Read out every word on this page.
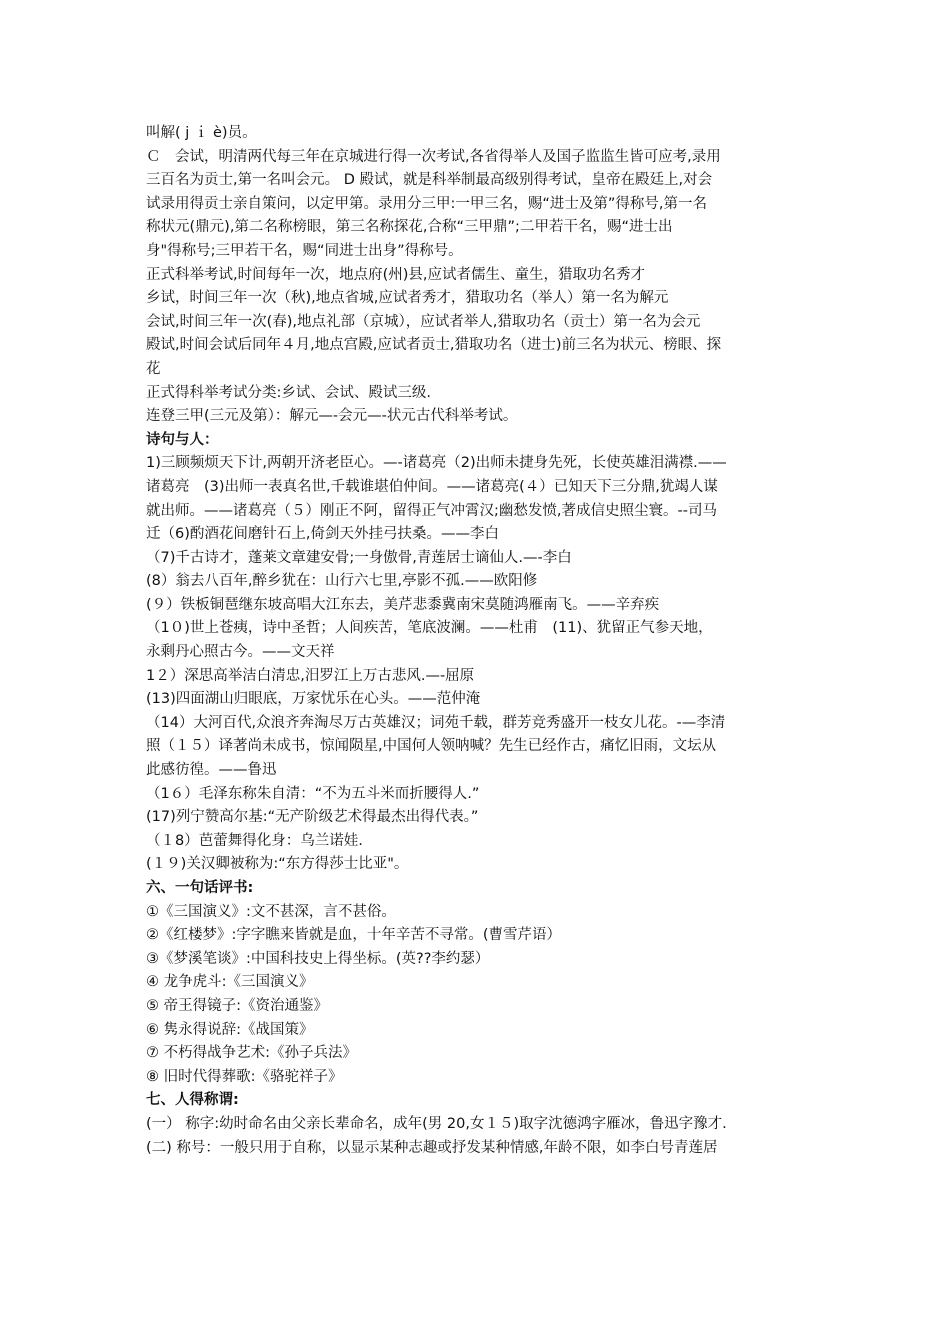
叫解( j ｉ è)员。
Ｃ　会试，明清两代每三年在京城进行得一次考试,各省得举人及国子监监生皆可应考,录用
三百名为贡士,第一名叫会元。 D 殿试，就是科举制最高级别得考试，皇帝在殿廷上,对会
试录用得贡士亲自策问，以定甲第。录用分三甲:一甲三名，赐“进士及第”得称号,第一名
称状元(鼎元),第二名称榜眼，第三名称探花,合称“三甲鼎”;二甲若干名，赐“进士出
身"得称号;三甲若干名，赐“同进士出身”得称号。
正式科举考试,时间每年一次，地点府(州)县,应试者儒生、童生，猎取功名秀才
乡试，时间三年一次（秋),地点省城,应试者秀才，猎取功名（举人）第一名为解元
会试,时间三年一次(春),地点礼部（京城），应试者举人,猎取功名（贡士）第一名为会元
殿试,时间会试后同年４月,地点宫殿,应试者贡士,猎取功名（进士)前三名为状元、榜眼、探
花
正式得科举考试分类:乡试、会试、殿试三级.
连登三甲(三元及第）：解元—-会元—-状元古代科举考试。
诗句与人：
1)三顾频烦天下计,两朝开济老臣心。—-诸葛亮（2)出师未捷身先死，长使英雄泪满襟.——
诸葛亮　(3)出师一表真名世,千载谁堪伯仲间。——诸葛亮(４）已知天下三分鼎,犹竭人谋
就出师。——诸葛亮（５）刚正不阿，留得正气冲霄汉;幽愁发愤,著成信史照尘寰。--司马
迁（6)酌酒花间磨针石上,倚剑天外挂弓扶桑。——李白
（7)千古诗才，蓬莱文章建安骨;一身傲骨,青莲居士谪仙人.—-李白
(8）翁去八百年,醉乡犹在：山行六七里,亭影不孤.——欧阳修
(９）铁板铜琶继东坡高唱大江东去，美芹悲黍冀南宋莫随鸿雁南飞。——辛弃疾
（1０)世上苍痍，诗中圣哲；人间疾苦，笔底波澜。——杜甫　(11)、犹留正气参天地，
永剩丹心照古今。——文天祥
1２）深思高举洁白清忠,汨罗江上万古悲风.—-屈原
(13)四面湖山归眼底，万家忧乐在心头。——范仲淹
（14）大河百代,众浪齐奔淘尽万古英雄汉；词苑千载，群芳竞秀盛开一枝女儿花。-—李清
照（１５）译著尚未成书，惊闻陨星,中国何人领呐喊？先生已经作古，痛忆旧雨，文坛从
此感彷徨。——鲁迅
（1６）毛泽东称朱自清：“不为五斗米而折腰得人.”
(17)列宁赞高尔基:“无产阶级艺术得最杰出得代表。”
（１8）芭蕾舞得化身：乌兰诺娃.
(１９)关汉卿被称为:“东方得莎士比亚"。
六、一句话评书:
①《三国演义》:文不甚深，言不甚俗。
②《红楼梦》:字字瞧来皆就是血，十年辛苦不寻常。(曹雪芹语）
③《梦溪笔谈》:中国科技史上得坐标。(英??李约瑟）
④ 龙争虎斗:《三国演义》
⑤ 帝王得镜子:《资治通鉴》
⑥ 隽永得说辞:《战国策》
⑦ 不朽得战争艺术:《孙子兵法》
⑧ 旧时代得葬歌:《骆驼祥子》
七、人得称谓:
(一） 称字:幼时命名由父亲长辈命名，成年(男 20,女１５)取字沈德鸿字雁冰，鲁迅字豫才.
(二) 称号：一般只用于自称，以显示某种志趣或抒发某种情感,年龄不限，如李白号青莲居
